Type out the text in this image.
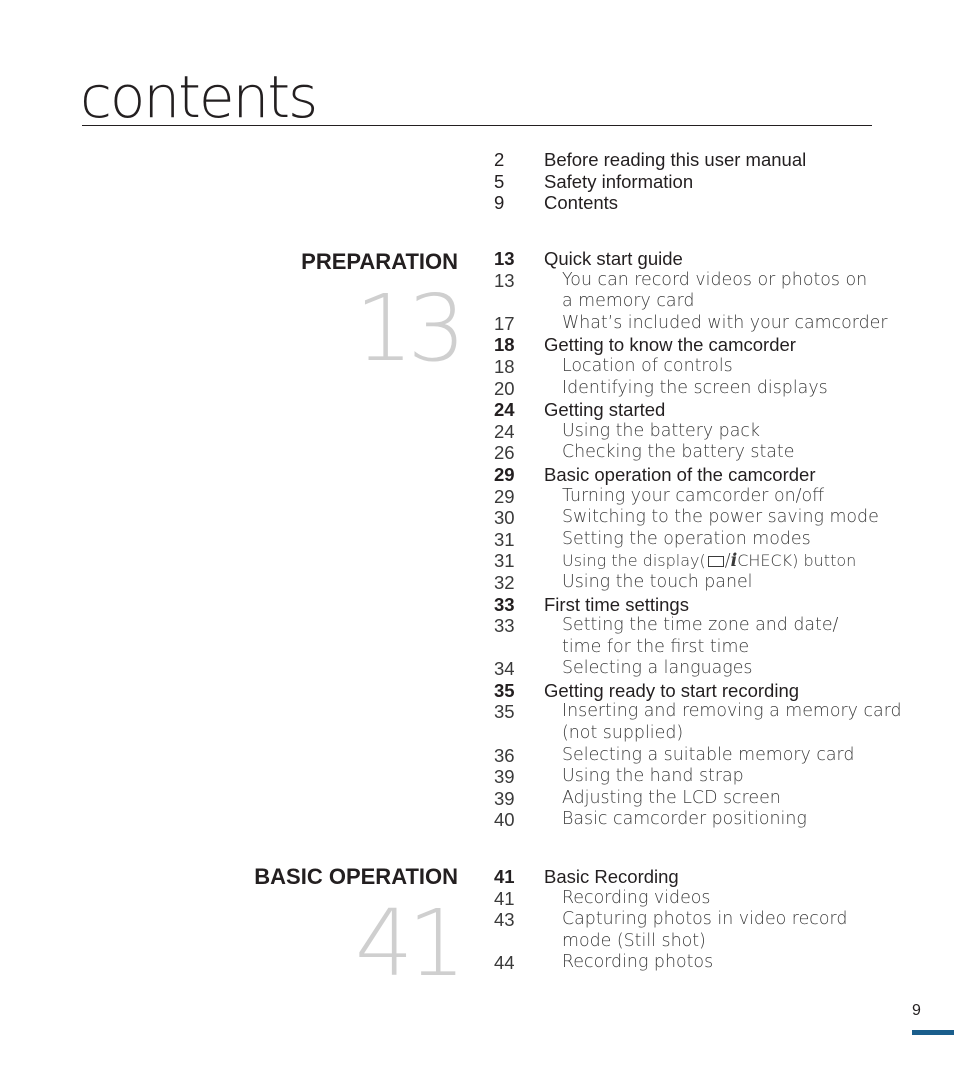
contents
2 Before reading this user manual
5 Safety information
9 Contents
PREPARATION
13
13 Quick start guide
13	You can record videos or photos on
a memory card
17	What’s included with your camcorder
18 Getting to know the camcorder
18	Location of controls
20	Identifying the screen displays
24 Getting started
24	Using the battery pack
26	Checking the battery state
29 Basic operation of the camcorder
29	Turning your camcorder on/off
30	Switching to the power saving mode
31	Setting the operation modes
31	Using the display( /iCHECK) button
32	Using the touch panel
33 First time settings
33	Setting the time zone and date/
time for the first time
34	Selecting a languages
35 Getting ready to start recording
35	Inserting and removing a memory card
(not supplied)
36	Selecting a suitable memory card
39	Using the hand strap
39	Adjusting the LCD screen
40	Basic camcorder positioning
BASIC OPERATION
41
41 Basic Recording
41	Recording videos
43	Capturing photos in video record
mode (Still shot)
44	Recording photos
9
